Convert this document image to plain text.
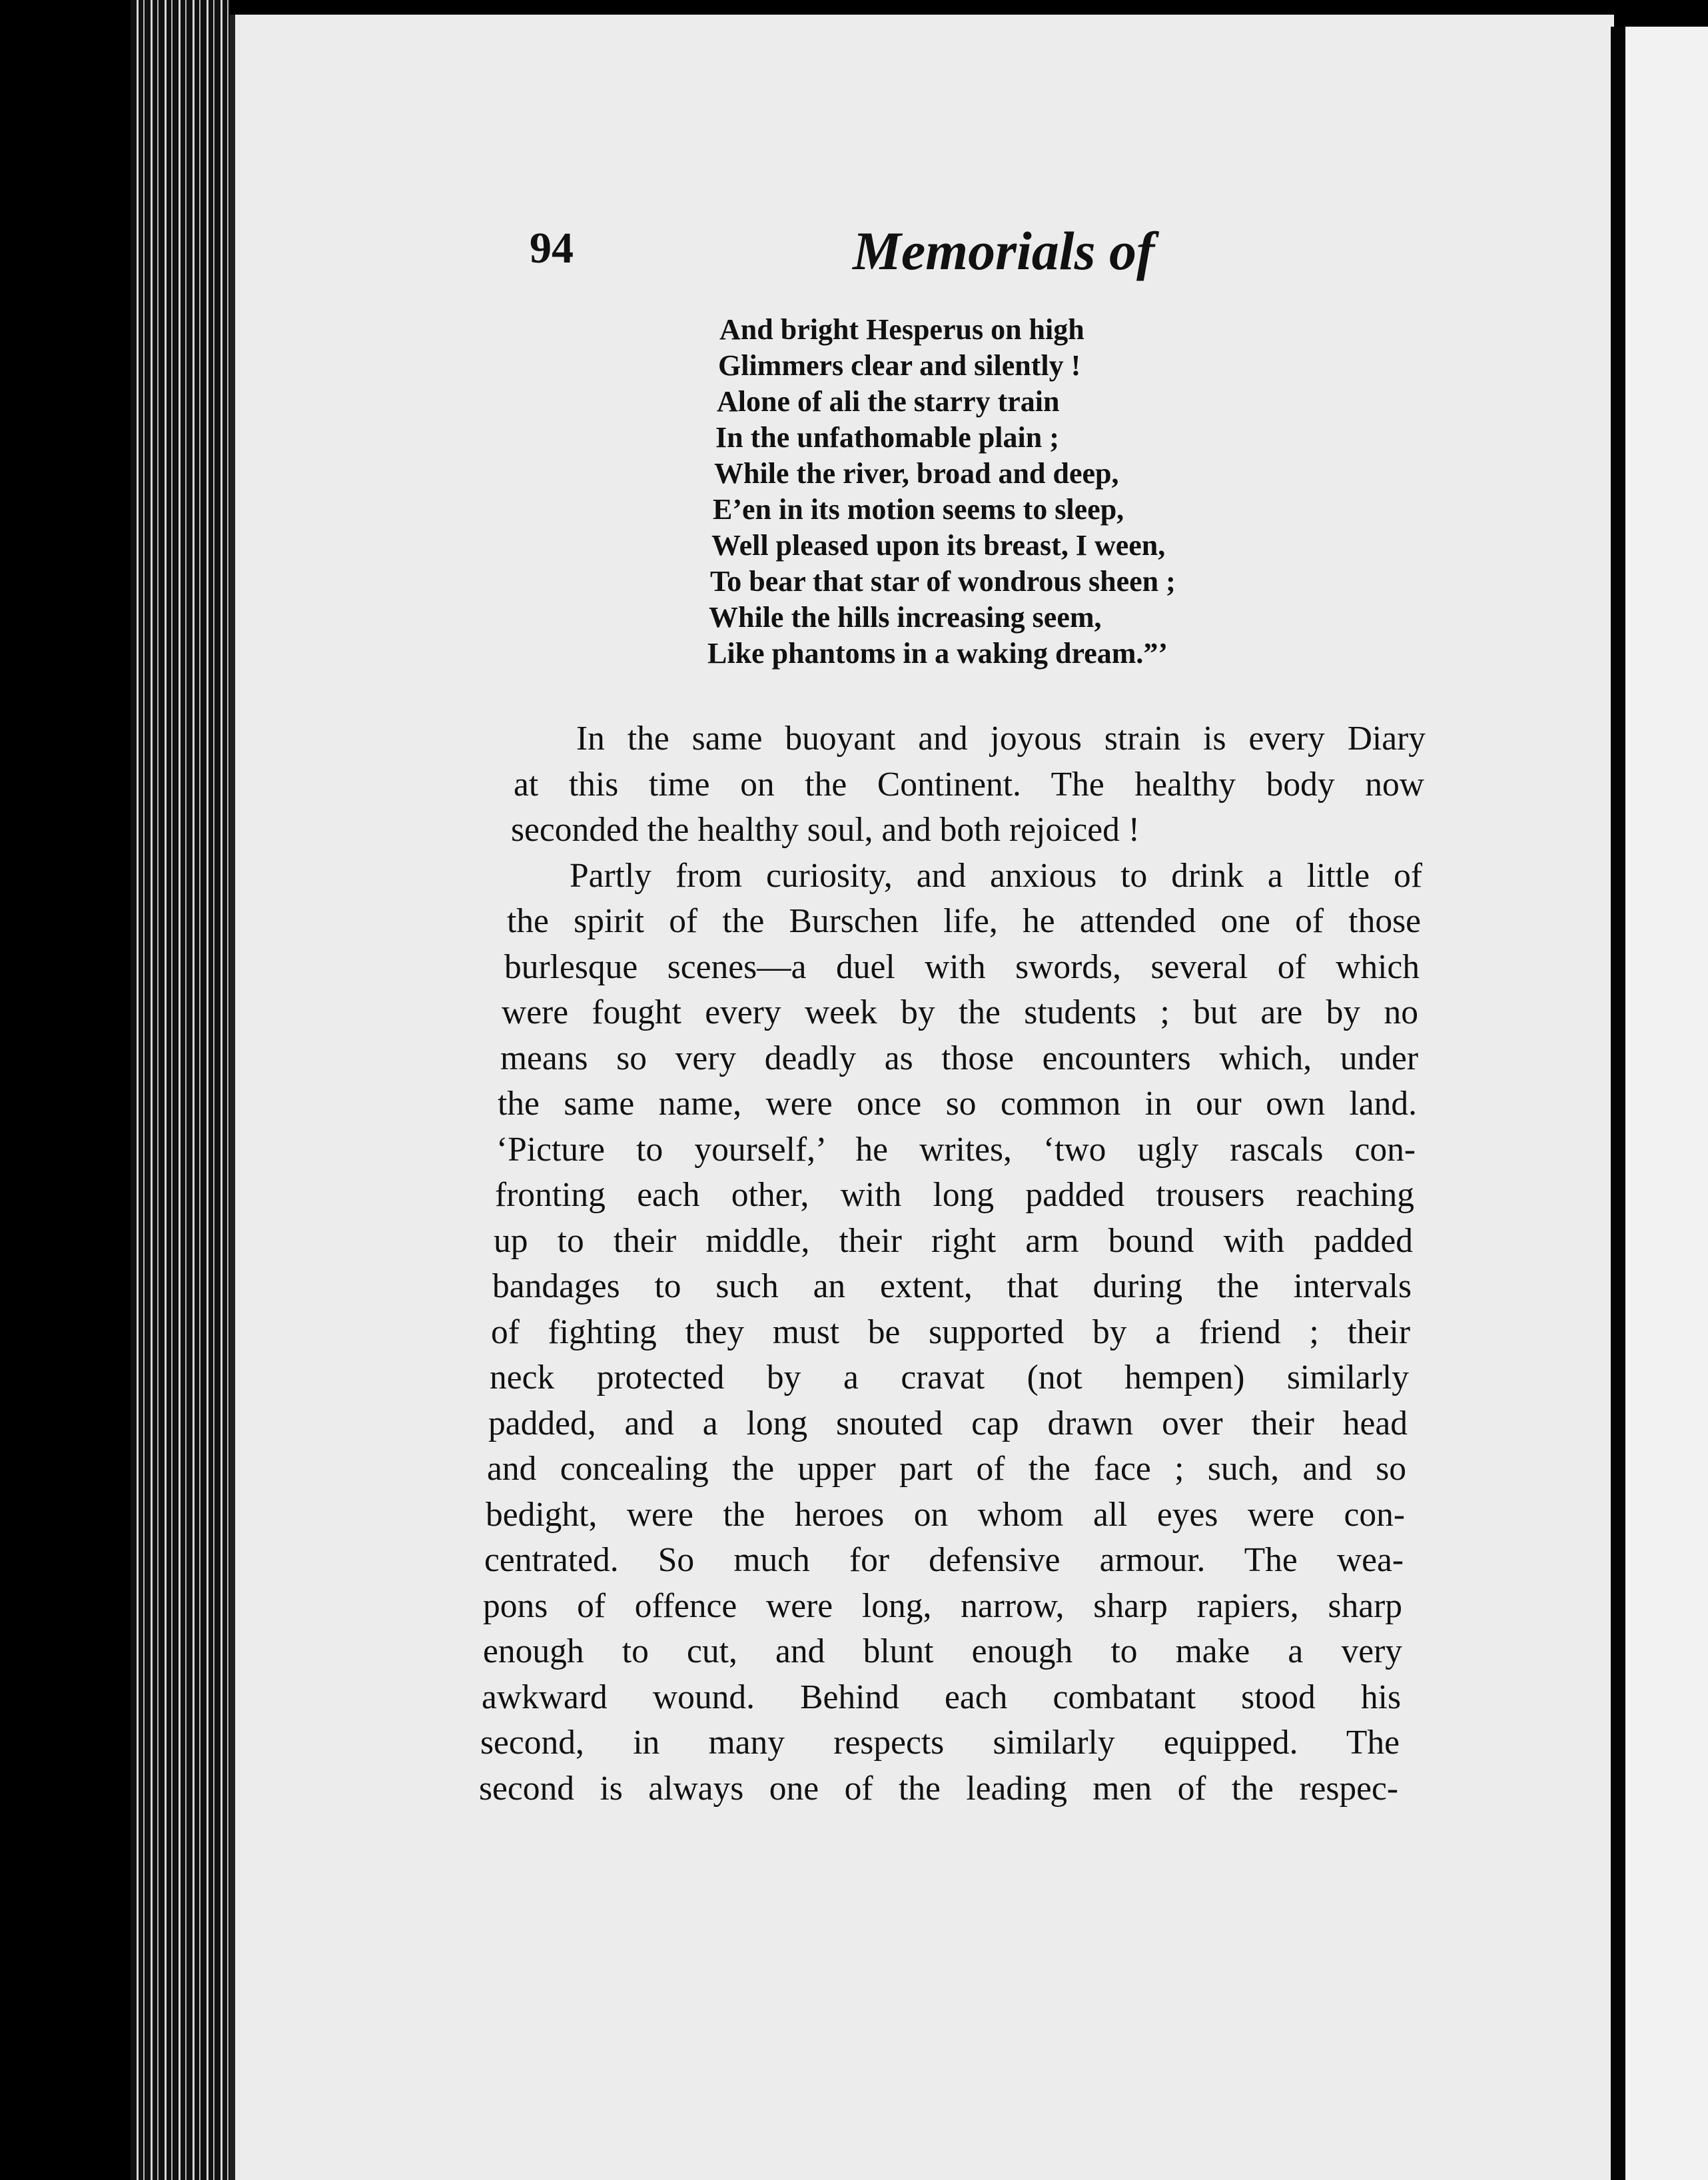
94	Memorials of

And bright Hesperus on high
Glimmers clear and silently !
Alone of ali the starry train
In the unfathomable plain ;
While the river, broad and deep,
E’en in its motion seems to sleep,
Well pleased upon its breast, I ween,
To bear that star of wondrous sheen ;
While the hills increasing seem,
Like phantoms in a waking dream.”’
In the same buoyant and joyous strain is every Diary
at this time on the Continent. The healthy body now
seconded the healthy soul, and both rejoiced !
Partly from curiosity, and anxious to drink a little of
the spirit of the Burschen life, he attended one of those
burlesque scenes—a duel with swords, several of which
were fought every week by the students ; but are by no
means so very deadly as those encounters which, under
the same name, were once so common in our own land.
‘Picture to yourself,’ he writes, ‘two ugly rascals con-
fronting each other, with long padded trousers reaching
up to their middle, their right arm bound with padded
bandages to such an extent, that during the intervals
of fighting they must be supported by a friend ; their
neck protected by a cravat (not hempen) similarly
padded, and a long snouted cap drawn over their head
and concealing the upper part of the face ; such, and so
bedight, were the heroes on whom all eyes were con-
centrated. So much for defensive armour. The wea-
pons of offence were long, narrow, sharp rapiers, sharp
enough to cut, and blunt enough to make a very
awkward wound. Behind each combatant stood his
second, in many respects similarly equipped. The
second is always one of the leading men of the respec-
